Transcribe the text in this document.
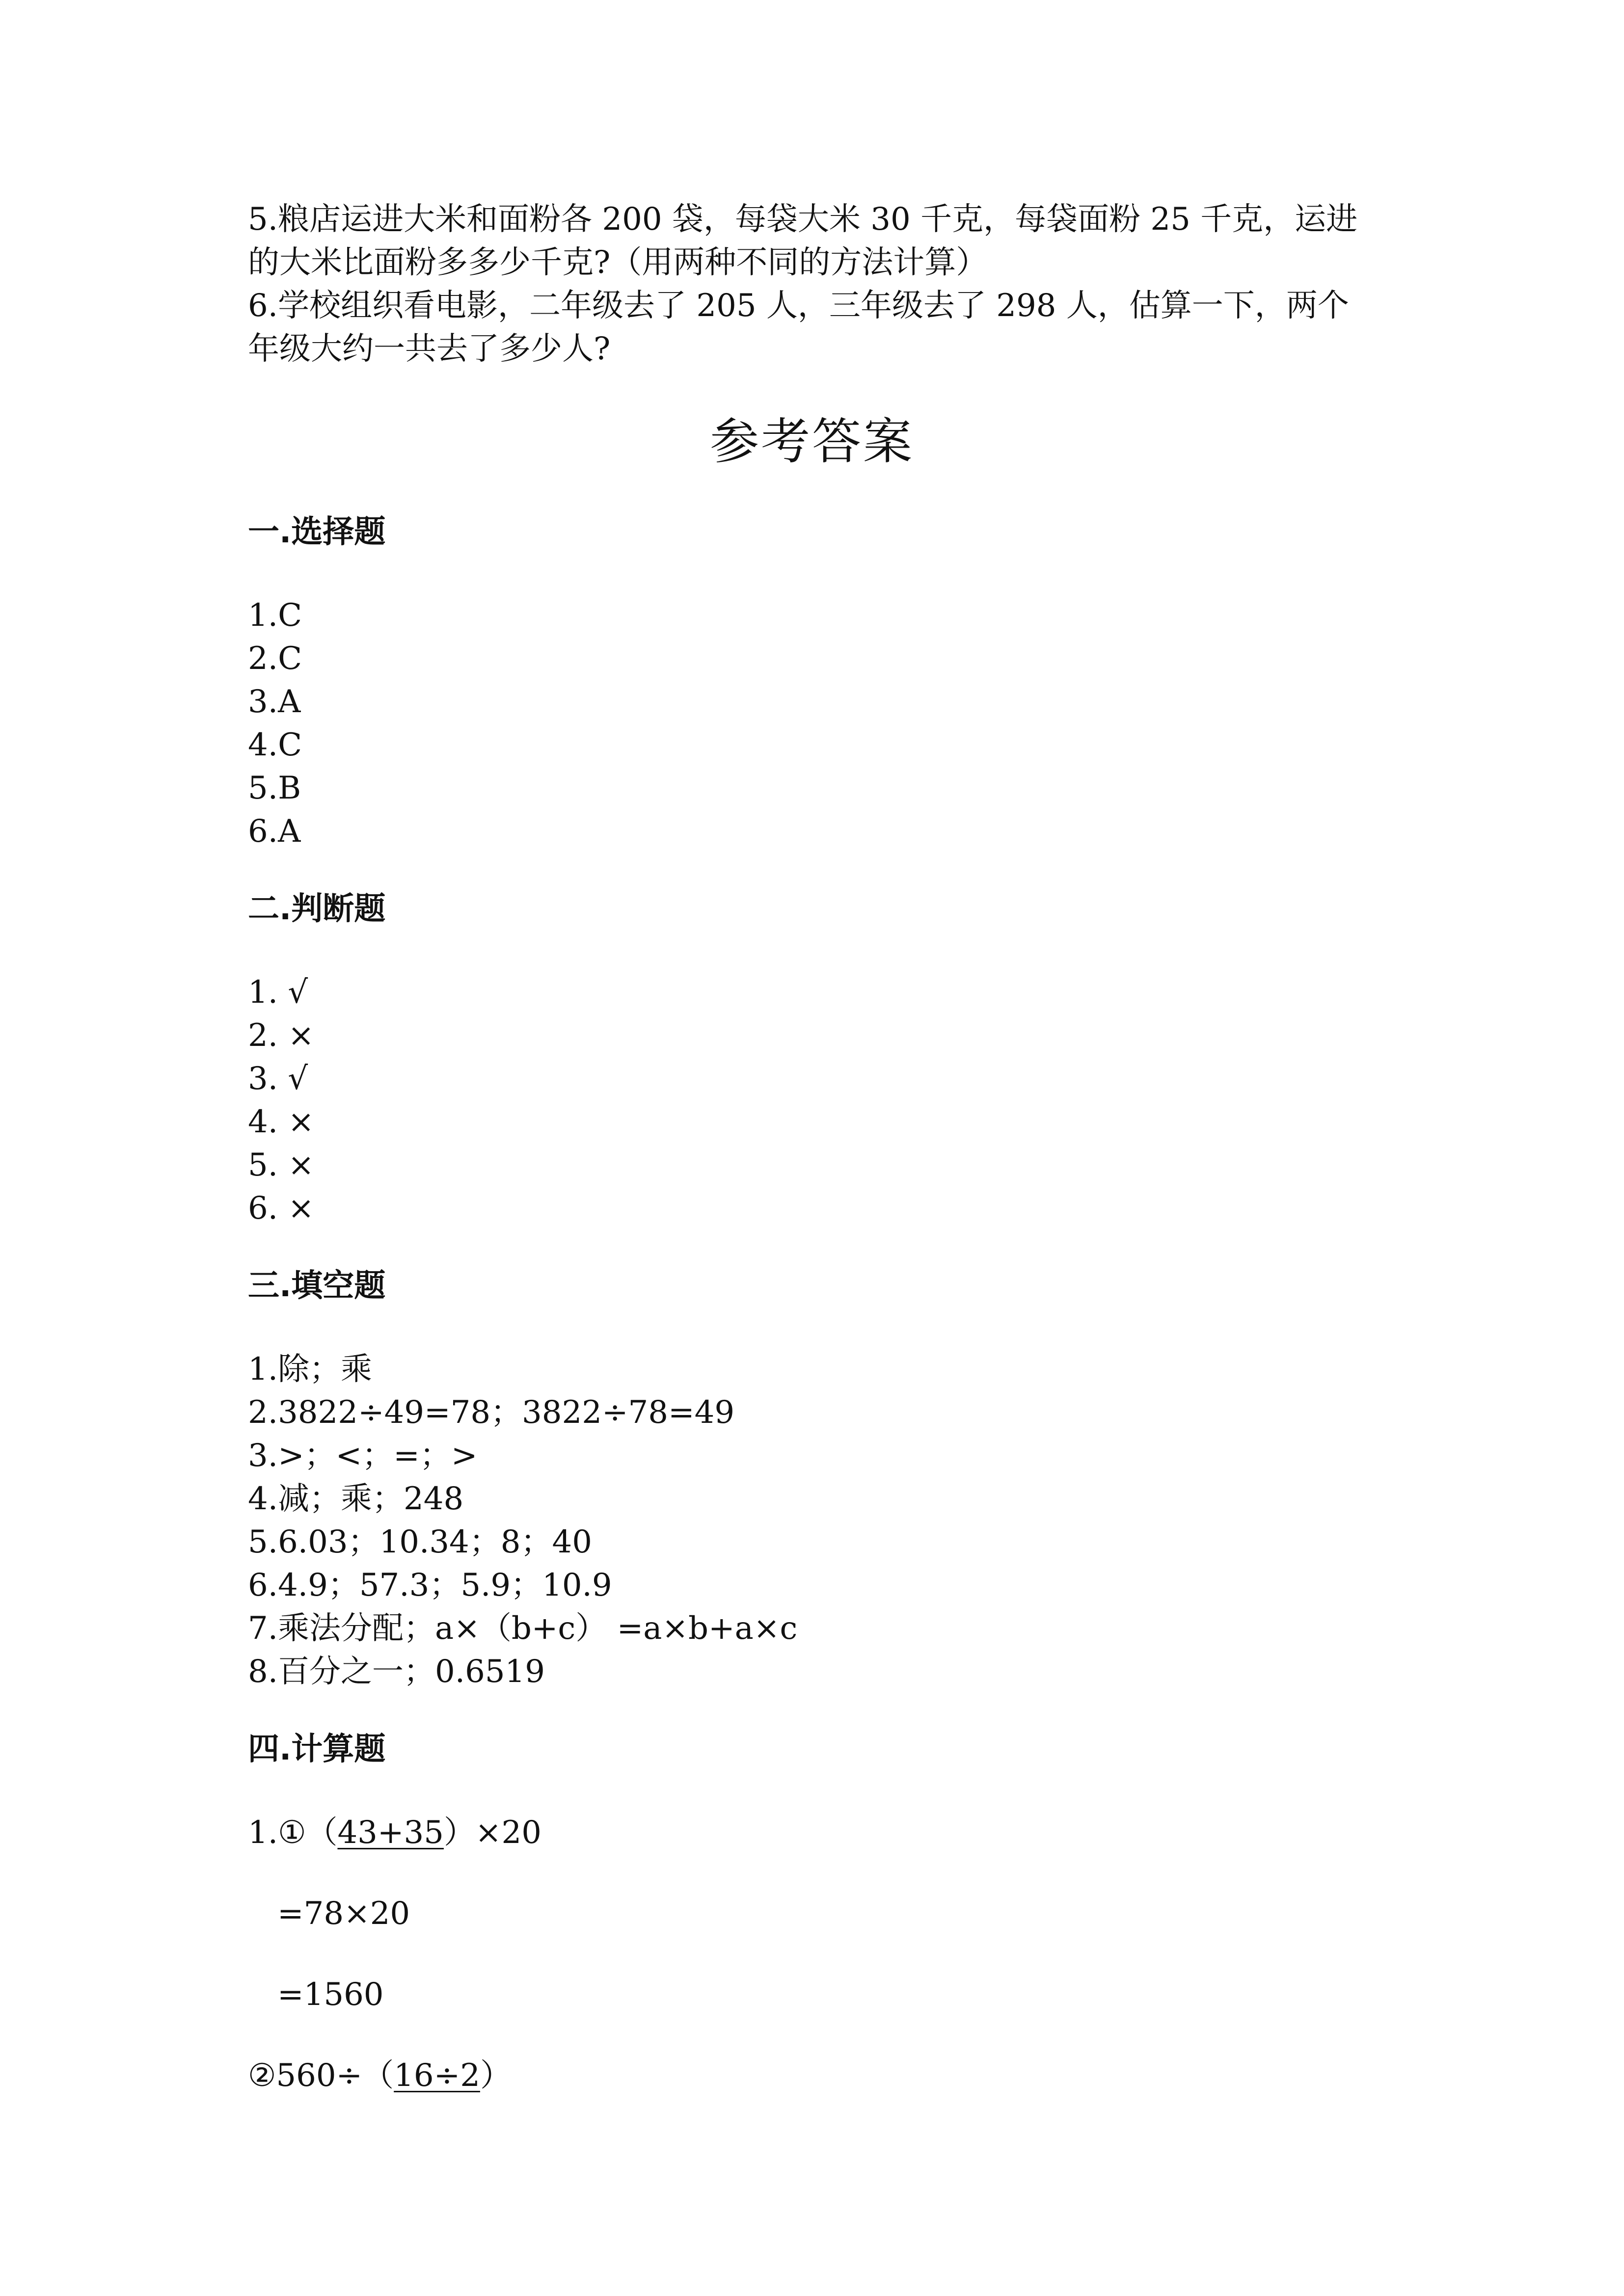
5.粮店运进大米和面粉各 200 袋，每袋大米 30 千克，每袋面粉 25 千克，运进
的大米比面粉多多少千克?（用两种不同的方法计算）
6.学校组织看电影，二年级去了 205 人，三年级去了 298 人，估算一下，两个
年级大约一共去了多少人?
参考答案
一.选择题
1.C
2.C
3.A
4.C
5.B
6.A
二.判断题
1. √
2. ×
3. √
4. ×
5. ×
6. ×
三.填空题
1.除；乘
2.3822÷49=78；3822÷78=49
3.>；<；=；>
4.减；乘；248
5.6.03；10.34；8；40
6.4.9；57.3；5.9；10.9
7.乘法分配；a×（b+c） =a×b+a×c
8.百分之一；0.6519
四.计算题
1.①（43+35）×20
=78×20
=1560
②560÷（16÷2）
